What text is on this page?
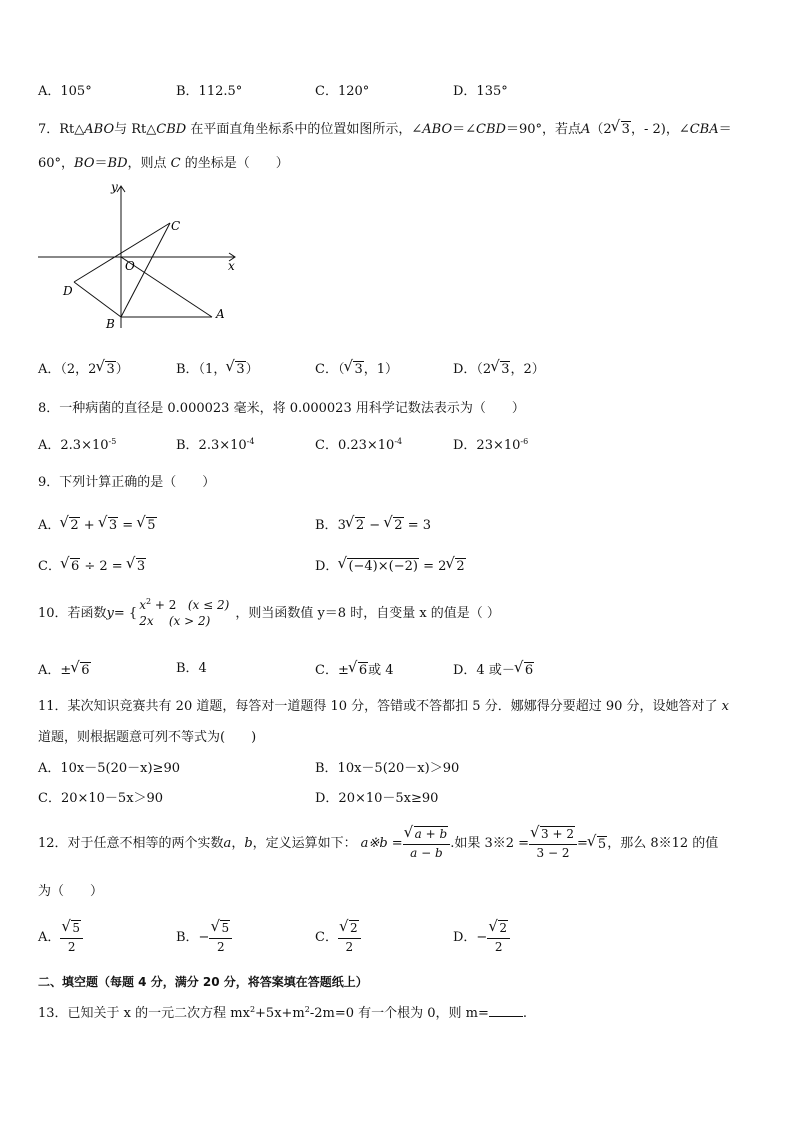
A．105°	B．112.5°	C．120°	D．135°
7．Rt△ABO与 Rt△CBD 在平面直角坐标系中的位置如图所示，∠ABO＝∠CBD＝90°，若点A（2 √ 3，- 2)，∠CBA＝
60°，BO＝BD，则点 C 的坐标是（　　）
y
x
O
C
D
B
A
A．（2，2 √ 3）	B．（1， √ 3）	C．（ √ 3，1）	D．（2 √ 3，2）
8．一种病菌的直径是 0.000023 毫米，将 0.000023 用科学记数法表示为（　　）
A．$2.3\times 10^{-5}$	B．$2.3\times 10^{-4}$	C．$0.23\times 10^{-4}$	D．$23\times 10^{-6}$
9．下列计算正确的是（　　）
A． √ 2 + √ 3 = √ 5	B．3 √ 2 − √ 2 = 3
C． √ 6 ÷ 2 = √ 3	D． √ (−4)×(−2) = 2 √ 2
10．若函数 y = {
$x^2 + 2$ (x ≤ 2)
2x (x > 2)	，则当函数值 y＝8 时，自变量 x 的值是（ ）
A．± √ 6	B．4	C．± √ 6或 4	D．4 或－ √ 6
11．某次知识竞赛共有 20 道题，每答对一道题得 10 分，答错或不答都扣 5 分．娜娜得分要超过 90 分，设她答对了 x
道题，则根据题意可列不等式为(　　)
A．10x－5(20－x)≥90	B．10x－5(20－x)＞90
C．20×10－5x＞90	D．20×10－5x≥90
12．对于任意不相等的两个实数 a ， b ，定义运算如下： a※b = √ $\frac{a + b}{a - b}$ .如果 3※2 = √ $\frac{3 + 2}{3 - 2}$ = √ 5 ，那么 8※12 的值
为（　　）
A． √ $\frac{5}{2}$	B．− √ $\frac{5}{2}$	C． √ $\frac{2}{2}$	D．− √ $\frac{2}{2}$
二、填空题（每题 4 分，满分 20 分，将答案填在答题纸上）
13．已知关于 x 的一元二次方程 $mx^2+5x+m^2-2m=0$ 有一个根为 0，则 m=	.
